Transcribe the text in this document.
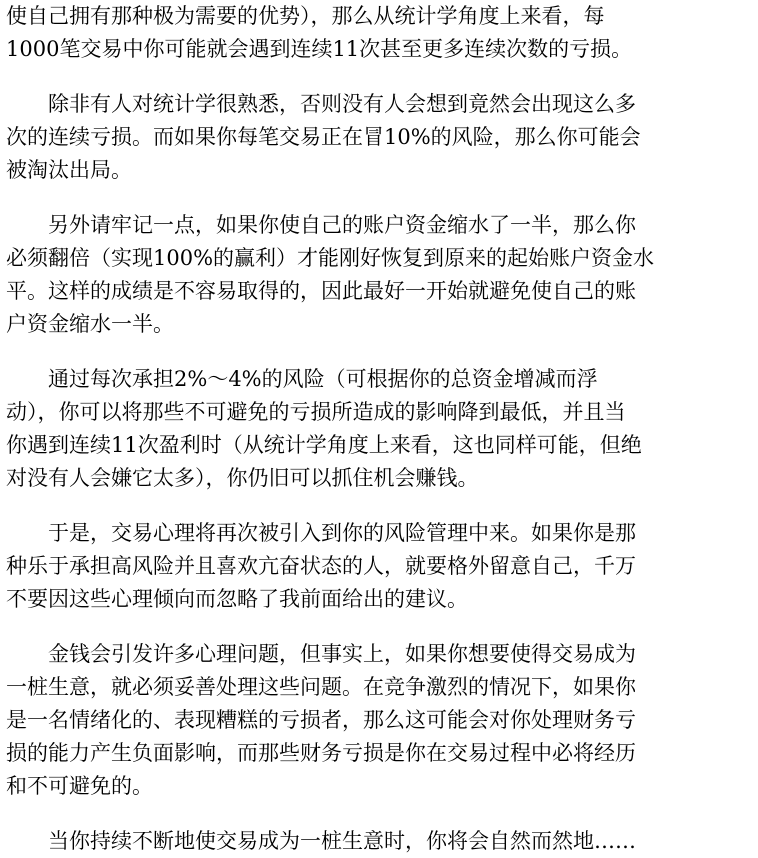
使自己拥有那种极为需要的优势），那么从统计学角度上来看，每
1000笔交易中你可能就会遇到连续11次甚至更多连续次数的亏损。
除非有人对统计学很熟悉，否则没有人会想到竟然会出现这么多
次的连续亏损。而如果你每笔交易正在冒10%的风险，那么你可能会
被淘汰出局。
另外请牢记一点，如果你使自己的账户资金缩水了一半，那么你
必须翻倍（实现100%的赢利）才能刚好恢复到原来的起始账户资金水
平。这样的成绩是不容易取得的，因此最好一开始就避免使自己的账
户资金缩水一半。
通过每次承担2%～4%的风险（可根据你的总资金增减而浮
动），你可以将那些不可避免的亏损所造成的影响降到最低，并且当
你遇到连续11次盈利时（从统计学角度上来看，这也同样可能，但绝
对没有人会嫌它太多），你仍旧可以抓住机会赚钱。
于是，交易心理将再次被引入到你的风险管理中来。如果你是那
种乐于承担高风险并且喜欢亢奋状态的人，就要格外留意自己，千万
不要因这些心理倾向而忽略了我前面给出的建议。
金钱会引发许多心理问题，但事实上，如果你想要使得交易成为
一桩生意，就必须妥善处理这些问题。在竞争激烈的情况下，如果你
是一名情绪化的、表现糟糕的亏损者，那么这可能会对你处理财务亏
损的能力产生负面影响，而那些财务亏损是你在交易过程中必将经历
和不可避免的。
当你持续不断地使交易成为一桩生意时，你将会自然而然地……
